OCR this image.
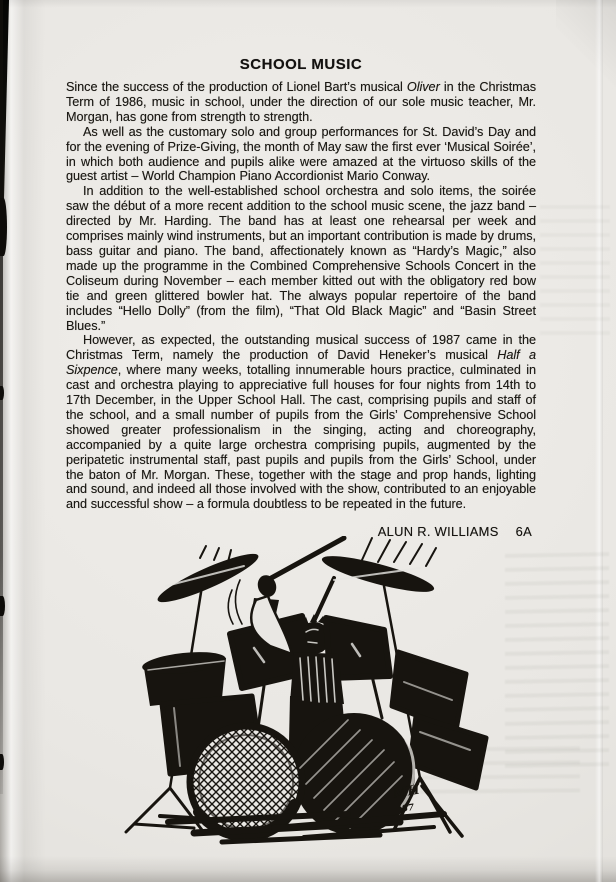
SCHOOL MUSIC

Since the success of the production of Lionel Bart’s musical Oliver in the Christmas Term of 1986, music in school, under the direction of our sole music teacher, Mr. Morgan, has gone from strength to strength.

As well as the customary solo and group performances for St. David’s Day and for the evening of Prize-Giving, the month of May saw the first ever ‘Musical Soirée’, in which both audience and pupils alike were amazed at the virtuoso skills of the guest artist – World Champion Piano Accordionist Mario Conway.

In addition to the well-established school orchestra and solo items, the soirée saw the début of a more recent addition to the school music scene, the jazz band – directed by Mr. Harding. The band has at least one rehearsal per week and comprises mainly wind instruments, but an important contribution is made by drums, bass guitar and piano. The band, affectionately known as “Hardy’s Magic,” also made up the programme in the Combined Comprehensive Schools Concert in the Coliseum during November – each member kitted out with the obligatory red bow tie and green glittered bowler hat. The always popular repertoire of the band includes “Hello Dolly” (from the film), “That Old Black Magic” and “Basin Street Blues.”

However, as expected, the outstanding musical success of 1987 came in the Christmas Term, namely the production of David Heneker’s musical Half a Sixpence, where many weeks, totalling innumerable hours practice, culminated in cast and orchestra playing to appreciative full houses for four nights from 14th to 17th December, in the Upper School Hall. The cast, comprising pupils and staff of the school, and a small number of pupils from the Girls’ Comprehensive School showed greater professionalism in the singing, acting and choreography, accompanied by a quite large orchestra comprising pupils, augmented by the peripatetic instrumental staff, past pupils and pupils from the Girls’ School, under the baton of Mr. Morgan. These, together with the stage and prop hands, lighting and sound, and indeed all those involved with the show, contributed to an enjoyable and successful show – a formula doubtless to be repeated in the future.

ALUN R. WILLIAMS 6A
MH
’87
